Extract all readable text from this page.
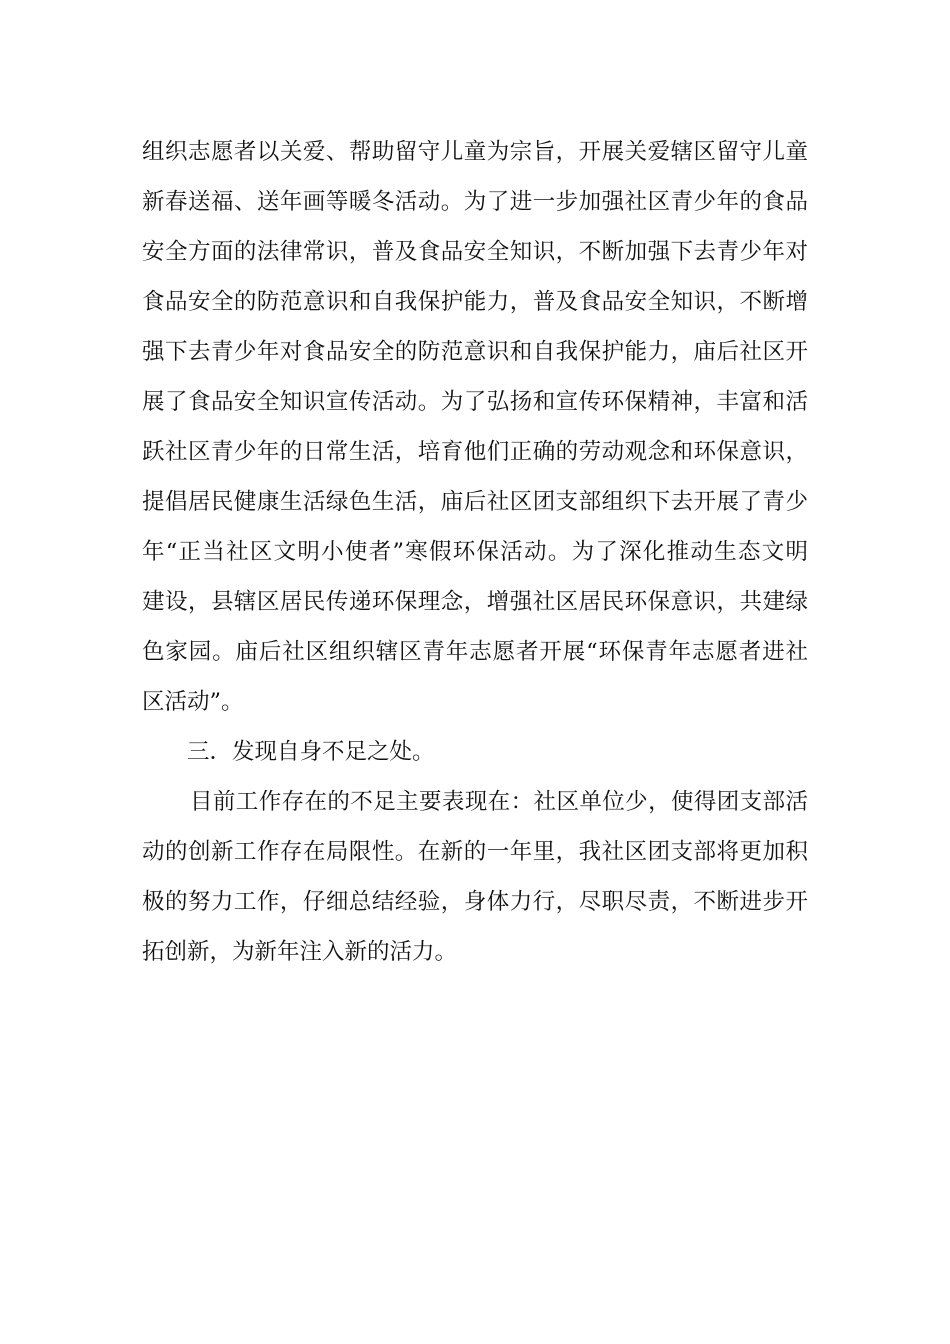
组织志愿者以关爱、帮助留守儿童为宗旨，开展关爱辖区留守儿童
新春送福、送年画等暖冬活动。为了进一步加强社区青少年的食品
安全方面的法律常识，普及食品安全知识，不断加强下去青少年对
食品安全的防范意识和自我保护能力，普及食品安全知识，不断增
强下去青少年对食品安全的防范意识和自我保护能力，庙后社区开
展了食品安全知识宣传活动。为了弘扬和宣传环保精神，丰富和活
跃社区青少年的日常生活，培育他们正确的劳动观念和环保意识，
提倡居民健康生活绿色生活，庙后社区团支部组织下去开展了青少
年“正当社区文明小使者”寒假环保活动。为了深化推动生态文明
建设，县辖区居民传递环保理念，增强社区居民环保意识，共建绿
色家园。庙后社区组织辖区青年志愿者开展“环保青年志愿者进社
区活动”。
三．发现自身不足之处。
目前工作存在的不足主要表现在：社区单位少，使得团支部活
动的创新工作存在局限性。在新的一年里，我社区团支部将更加积
极的努力工作，仔细总结经验，身体力行，尽职尽责，不断进步开
拓创新，为新年注入新的活力。
